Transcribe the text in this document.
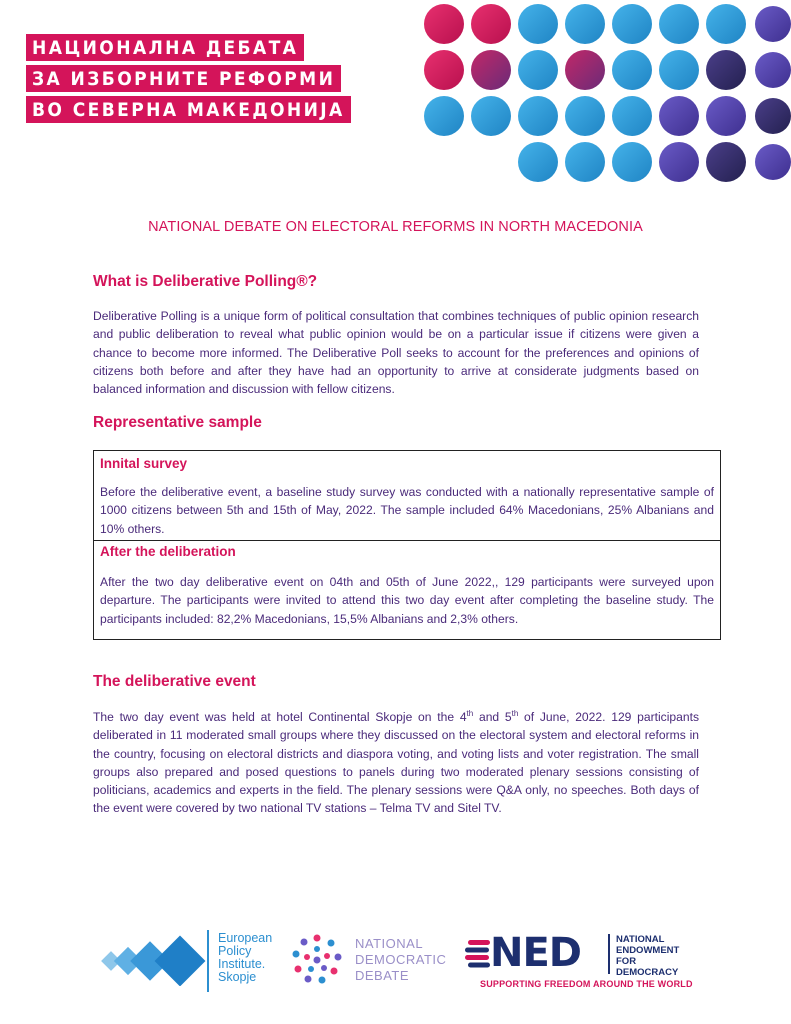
НАЦИОНАЛНА ДЕБАТА
ЗА ИЗБОРНИТЕ РЕФОРМИ
ВО СЕВЕРНА МАКЕДОНИЈА
NATIONAL DEBATE ON ELECTORAL REFORMS IN NORTH MACEDONIA
What is Deliberative Polling®?
Deliberative Polling is a unique form of political consultation that combines techniques of public opinion research and public deliberation to reveal what public opinion would be on a particular issue if citizens were given a chance to become more informed. The Deliberative Poll seeks to account for the preferences and opinions of citizens both before and after they have had an opportunity to arrive at considerate judgments based on balanced information and discussion with fellow citizens.
Representative sample
Innital survey

Before the deliberative event, a baseline study survey was conducted with a nationally representative sample of 1000 citizens between 5th and 15th of May, 2022. The sample included 64% Macedonians, 25% Albanians and 10% others.

After the deliberation

After the two day deliberative event on 04th and 05th of June 2022,, 129 participants were surveyed upon departure. The participants were invited to attend this two day event after completing the baseline study. The participants included: 82,2% Macedonians, 15,5% Albanians and 2,3% others.

The deliberative event
The two day event was held at hotel Continental Skopje on the 4th and 5th of June, 2022. 129 participants deliberated in 11 moderated small groups where they discussed on the electoral system and electoral reforms in the country, focusing on electoral districts and diaspora voting, and voting lists and voter registration. The small groups also prepared and posed questions to panels during two moderated plenary sessions consisting of politicians, academics and experts in the field. The plenary sessions were Q&A only, no speeches. Both days of the event were covered by two national TV stations – Telma TV and Sitel TV.
European
Policy
Institute.
Skopje
NATIONAL
DEMOCRATIC
DEBATE	NED	NATIONAL
ENDOWMENT
FOR
DEMOCRACY
SUPPORTING FREEDOM AROUND THE WORLD
